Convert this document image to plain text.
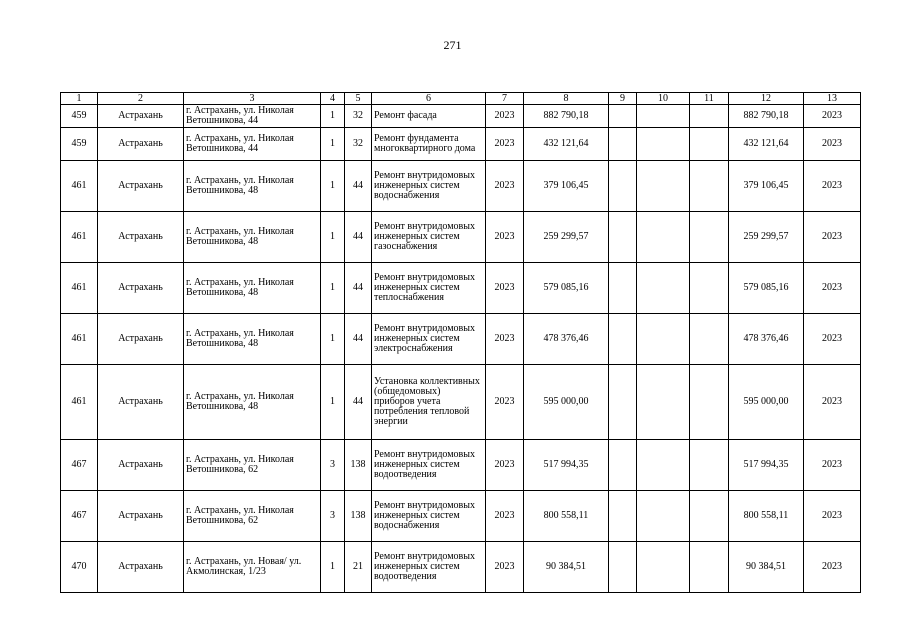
271
1	2	3	4	5	6	7	8	9	10	11	12	13
459	Астрахань	г. Астрахань, ул. Николая Ветошникова, 44	1	32	Ремонт фасада	2023	882 790,18				882 790,18	2023
459	Астрахань	г. Астрахань, ул. Николая Ветошникова, 44	1	32	Ремонт фундамента многоквартирного дома	2023	432 121,64				432 121,64	2023
461	Астрахань	г. Астрахань, ул. Николая Ветошникова, 48	1	44	Ремонт внутридомовых инженерных систем водоснабжения	2023	379 106,45				379 106,45	2023
461	Астрахань	г. Астрахань, ул. Николая Ветошникова, 48	1	44	Ремонт внутридомовых инженерных систем газоснабжения	2023	259 299,57				259 299,57	2023
461	Астрахань	г. Астрахань, ул. Николая Ветошникова, 48	1	44	Ремонт внутридомовых инженерных систем теплоснабжения	2023	579 085,16				579 085,16	2023
461	Астрахань	г. Астрахань, ул. Николая Ветошникова, 48	1	44	Ремонт внутридомовых инженерных систем электроснабжения	2023	478 376,46				478 376,46	2023
461	Астрахань	г. Астрахань, ул. Николая Ветошникова, 48	1	44	Установка коллективных (общедомовых) приборов учета потребления тепловой энергии	2023	595 000,00				595 000,00	2023
467	Астрахань	г. Астрахань, ул. Николая Ветошникова, 62	3	138	Ремонт внутридомовых инженерных систем водоотведения	2023	517 994,35				517 994,35	2023
467	Астрахань	г. Астрахань, ул. Николая Ветошникова, 62	3	138	Ремонт внутридомовых инженерных систем водоснабжения	2023	800 558,11				800 558,11	2023
470	Астрахань	г. Астрахань, ул. Новая/ ул. Акмолинская, 1/23	1	21	Ремонт внутридомовых инженерных систем водоотведения	2023	90 384,51				90 384,51	2023
